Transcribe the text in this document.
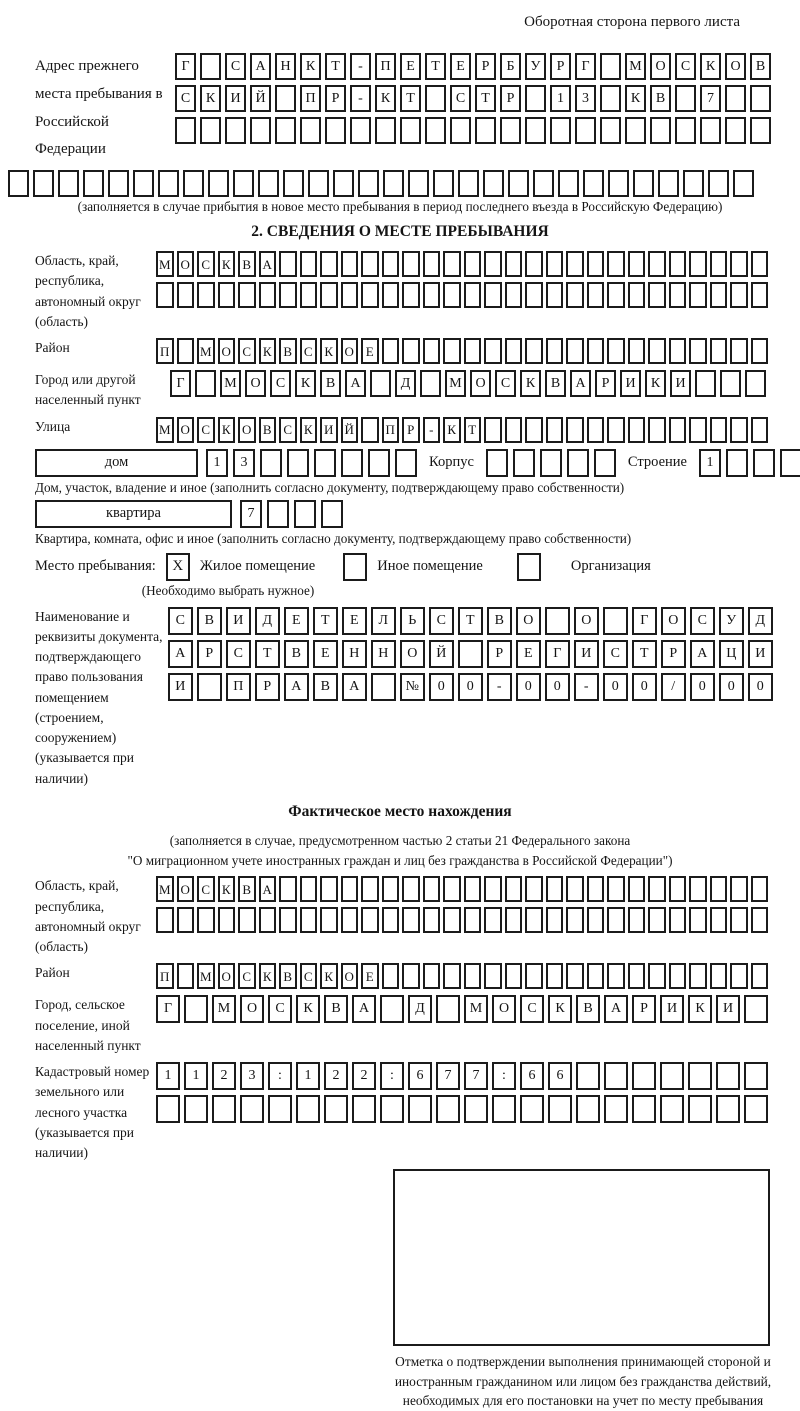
Оборотная сторона первого листа
Адрес прежнего места пребывания в Российской Федерации
Г	С	А	Н	К	Т	-	П	Е	Т	Е	Р	Б	У	Р	Г	М О	С	К	О	В
С	К	И	Й	П	Р	-	К	Т	С	Т	Р	1	3	К	В	7
(заполняется в случае прибытия в новое место пребывания в период последнего въезда в Российскую Федерацию)
2. СВЕДЕНИЯ О МЕСТЕ ПРЕБЫВАНИЯ
Область, край, республика, автономный округ (область)
М О С К В А
Район	П	М О С К В С К О Е
Город или другой населенный пункт
Г	М О	С	К	В	А	Д	М О	С	К	В	А	Р	И	К	И
Улица	М О С К О В С К И Й	П Р	-	К Т
дом	1	3	Корпус	Строение	1
Дом, участок, владение и иное (заполнить согласно документу, подтверждающему право собственности)
квартира	7
Квартира, комната, офис и иное (заполнить согласно документу, подтверждающему право собственности)
Место пребывания:	X	Жилое помещение	Иное помещение	Организация
(Необходимо выбрать нужное)
Наименование и реквизиты документа, подтверждающего право пользования помещением (строением, сооружением) (указывается при наличии)
С	В	И	Д	Е	Т	Е	Л	Ь	С	Т	В	О	О	Г	О	С	У	Д
А	Р	С	Т	В	Е	Н	Н	О	Й	Р	Е	Г	И	С	Т	Р	А	Ц	И
И	П	Р	А	В	А	№	0	0	-	0	0	-	0	0	/	0	0	0
Фактическое место нахождения
(заполняется в случае, предусмотренном частью 2 статьи 21 Федерального закона
"О миграционном учете иностранных граждан и лиц без гражданства в Российской Федерации")
Область, край, республика, автономный округ (область)
М О С К В А
Район	П	М О С К В С К О Е
Город, сельское поселение, иной населенный пункт
Г	М	О	С	К	В	А	Д	М	О	С	К	В	А	Р	И	К	И
Кадастровый номер земельного или лесного участка (указывается при наличии)
1	1	2	3	:	1	2	2	:	6	7	7	:	6	6
Отметка о подтверждении выполнения принимающей стороной и иностранным гражданином или лицом без гражданства действий, необходимых для его постановки на учет по месту пребывания
